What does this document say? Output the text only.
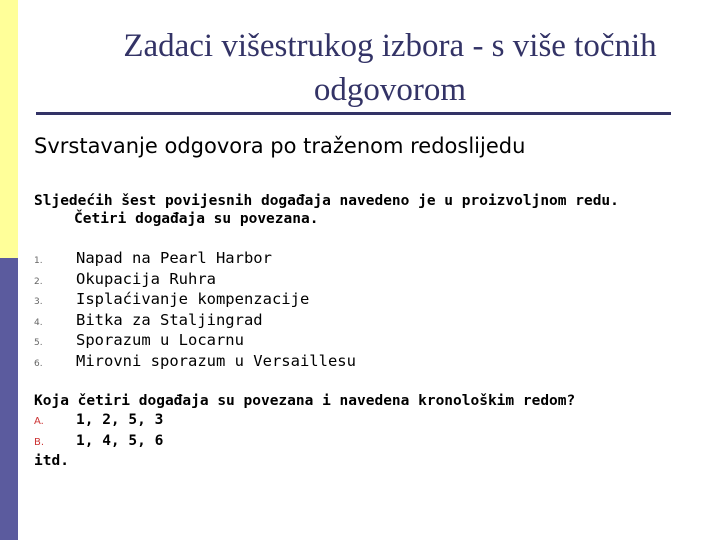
Zadaci višestrukog izbora - s više točnih
odgovorom
Svrstavanje odgovora po traženom redoslijedu
Sljedećih šest povijesnih događaja navedeno je u proizvoljnom redu.
Četiri događaja su povezana.
1.	Napad na Pearl Harbor
2.	Okupacija Ruhra
3.	Isplaćivanje kompenzacije
4.	Bitka za Staljingrad
5.	Sporazum u Locarnu
6.	Mirovni sporazum u Versaillesu
Koja četiri događaja su povezana i navedena kronološkim redom?
A.	1, 2, 5, 3
B.	1, 4, 5, 6
itd.
